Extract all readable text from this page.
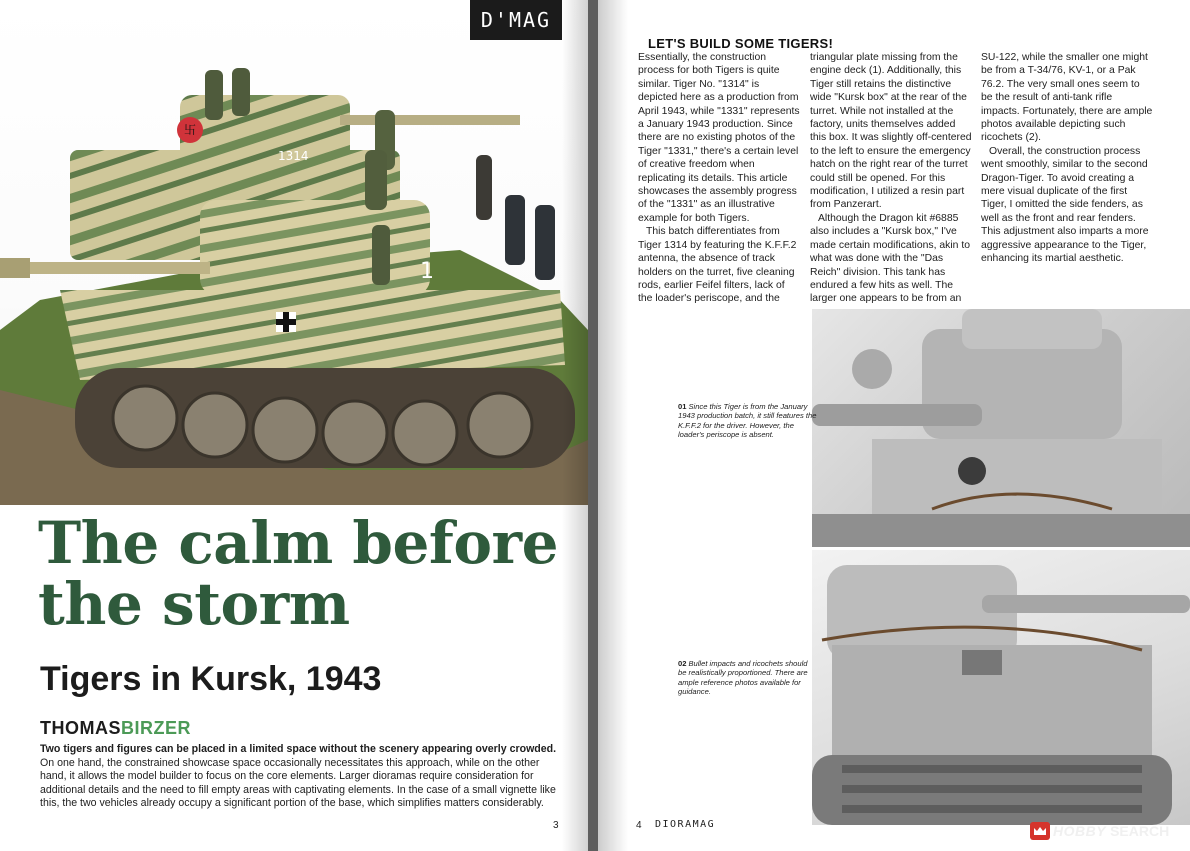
卐
1314
1
D'MAG
The calm before
the storm
Tigers in Kursk, 1943
THOMASBIRZER

Two tigers and figures can be placed in a limited space without the scenery appearing overly crowded. On one hand, the constrained showcase space occasionally necessitates this approach, while on the other hand, it allows the model builder to focus on the core elements. Larger dioramas require consideration for additional details and the need to fill empty areas with captivating elements. In the case of a small vignette like this, the two vehicles already occupy a significant portion of the base, which simplifies matters considerably.

3
LET'S BUILD SOME TIGERS!

Essentially, the construction process for both Tigers is quite similar. Tiger No. "1314" is depicted here as a production from April 1943, while "1331" represents a January 1943 production. Since there are no existing photos of the Tiger "1331," there's a certain level of creative freedom when replicating its details. This article showcases the assembly progress of the "1331" as an illustrative example for both Tigers.

This batch differentiates from Tiger 1314 by featuring the K.F.F.2 antenna, the absence of track holders on the turret, five cleaning rods, earlier Feifel filters, lack of the loader's periscope, and the

triangular plate missing from the engine deck (1). Additionally, this Tiger still retains the distinctive wide "Kursk box" at the rear of the turret. While not installed at the factory, units themselves added this box. It was slightly off-centered to the left to ensure the emergency hatch on the right rear of the turret could still be opened. For this modification, I utilized a resin part from Panzerart.

Although the Dragon kit #6885 also includes a "Kursk box," I've made certain modifications, akin to what was done with the "Das Reich" division. This tank has endured a few hits as well. The larger one appears to be from an

SU-122, while the smaller one might be from a T-34/76, KV-1, or a Pak 76.2. The very small ones seem to be the result of anti-tank rifle impacts. Fortunately, there are ample photos available depicting such ricochets (2).

Overall, the construction process went smoothly, similar to the second Dragon-Tiger. To avoid creating a mere visual duplicate of the first Tiger, I omitted the side fenders, as well as the front and rear fenders. This adjustment also imparts a more aggressive appearance to the Tiger, enhancing its martial aesthetic.

01 Since this Tiger is from the January 1943 production batch, it still features the K.F.F.2 for the driver. However, the loader's periscope is absent.

02 Bullet impacts and ricochets should be realistically proportioned. There are ample reference photos available for guidance.

4 DIORAMAG	HOBBY SEARCH
